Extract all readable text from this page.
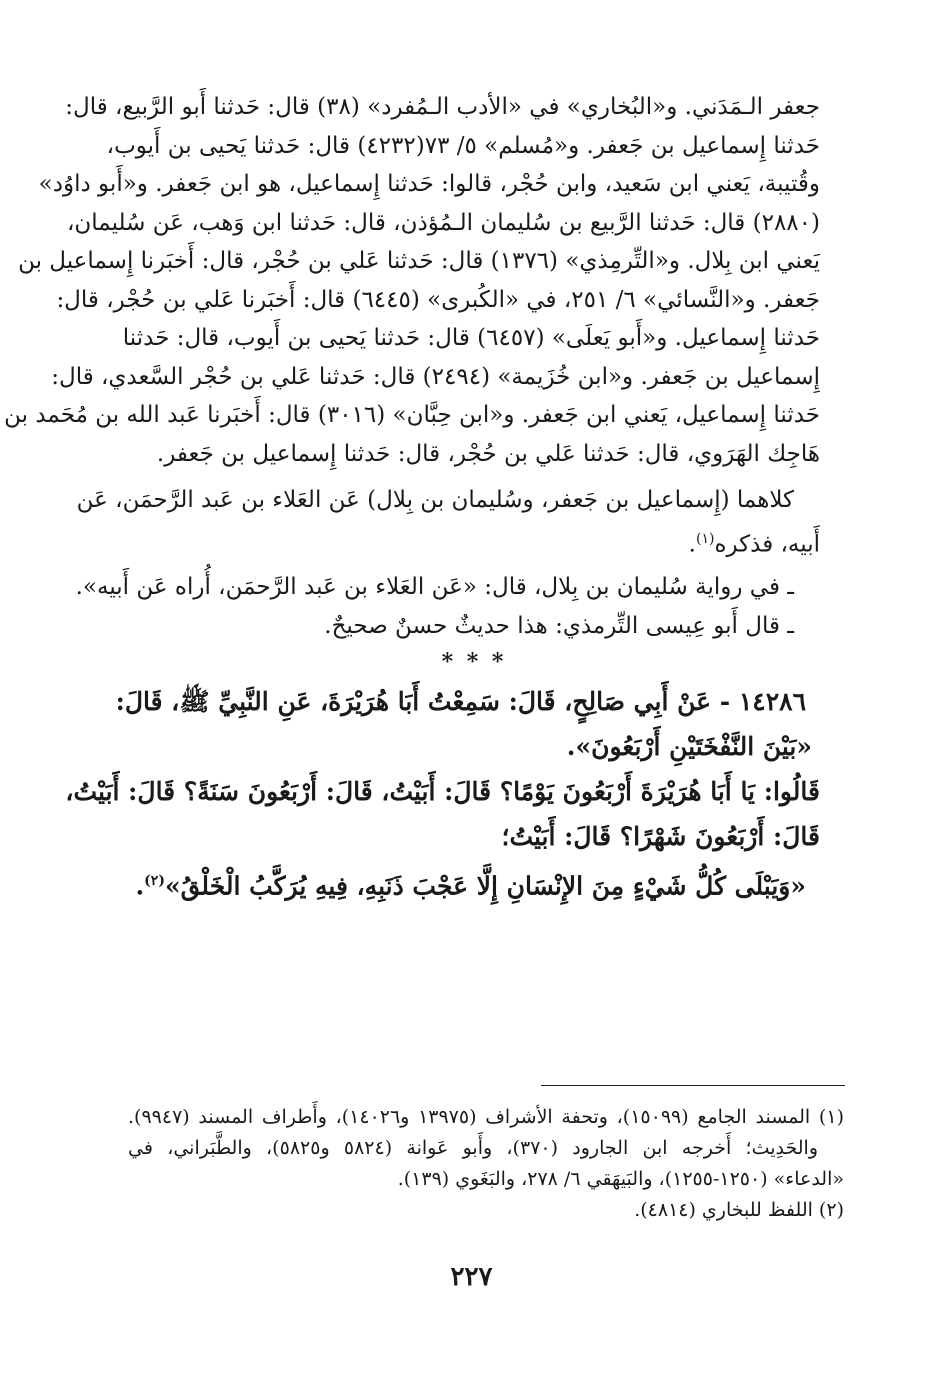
جعفر الـمَدَني. و«البُخاري» في «الأدب الـمُفرد» (٣٨) قال: حَدثنا أَبو الرَّبيع، قال:
حَدثنا إِسماعيل بن جَعفر. و«مُسلم» ٥/ ٧٣(٤٢٣٢) قال: حَدثنا يَحيى بن أَيوب،
وقُتيبة، يَعني ابن سَعيد، وابن حُجْر، قالوا: حَدثنا إِسماعيل، هو ابن جَعفر. و«أَبو داوُد»
(٢٨٨٠) قال: حَدثنا الرَّبيع بن سُليمان الـمُؤذن، قال: حَدثنا ابن وَهب، عَن سُليمان،
يَعني ابن بِلال. و«التِّرمِذي» (١٣٧٦) قال: حَدثنا عَلي بن حُجْر، قال: أَخبَرنا إِسماعيل بن
جَعفر. و«النَّسائي» ٦/ ٢٥١، في «الكُبرى» (٦٤٤٥) قال: أَخبَرنا عَلي بن حُجْر، قال:
حَدثنا إِسماعيل. و«أَبو يَعلَى» (٦٤٥٧) قال: حَدثنا يَحيى بن أَيوب، قال: حَدثنا
إِسماعيل بن جَعفر. و«ابن خُزَيمة» (٢٤٩٤) قال: حَدثنا عَلي بن حُجْر السَّعدي، قال:
حَدثنا إِسماعيل، يَعني ابن جَعفر. و«ابن حِبَّان» (٣٠١٦) قال: أَخبَرنا عَبد الله بن مُحَمد بن
هَاجِك الهَرَوي، قال: حَدثنا عَلي بن حُجْر، قال: حَدثنا إِسماعيل بن جَعفر.
كلاهما (إِسماعيل بن جَعفر، وسُليمان بن بِلال) عَن العَلاء بن عَبد الرَّحمَن، عَن
أَبيه، فذكره$^{(١)}$.
ـ في رواية سُليمان بن بِلال، قال: «عَن العَلاء بن عَبد الرَّحمَن، أُراه عَن أَبيه».
ـ قال أَبو عِيسى التِّرمذي: هذا حديثٌ حسنٌ صحيحٌ.
* * *
١٤٢٨٦ - عَنْ أَبِي صَالِحٍ، قَالَ: سَمِعْتُ أَبَا هُرَيْرَةَ، عَنِ النَّبِيِّ ﷺ، قَالَ:
«بَيْنَ النَّفْخَتَيْنِ أَرْبَعُونَ».
قَالُوا: يَا أَبَا هُرَيْرَةَ أَرْبَعُونَ يَوْمًا؟ قَالَ: أَبَيْتُ، قَالَ: أَرْبَعُونَ سَنَةً؟ قَالَ: أَبَيْتُ،
قَالَ: أَرْبَعُونَ شَهْرًا؟ قَالَ: أَبَيْتُ؛
«وَيَبْلَى كُلُّ شَيْءٍ مِنَ الإِنْسَانِ إِلَّا عَجْبَ ذَنَبِهِ، فِيهِ يُرَكَّبُ الْخَلْقُ»$^{(٢)}$.
(١) المسند الجامع (١٥٠٩٩)، وتحفة الأشراف (١٣٩٧٥ و١٤٠٢٦)، وأَطراف المسند (٩٩٤٧).
والحَدِيث؛ أَخرجه ابن الجارود (٣٧٠)، وأَبو عَوانة (٥٨٢٤ و٥٨٢٥)، والطَّبَراني، في
«الدعاء» (١٢٥٠-١٢٥٥)، والبَيهَقي ٦/ ٢٧٨، والبَغَوي (١٣٩).
(٢) اللفظ للبخاري (٤٨١٤).
٢٢٧
